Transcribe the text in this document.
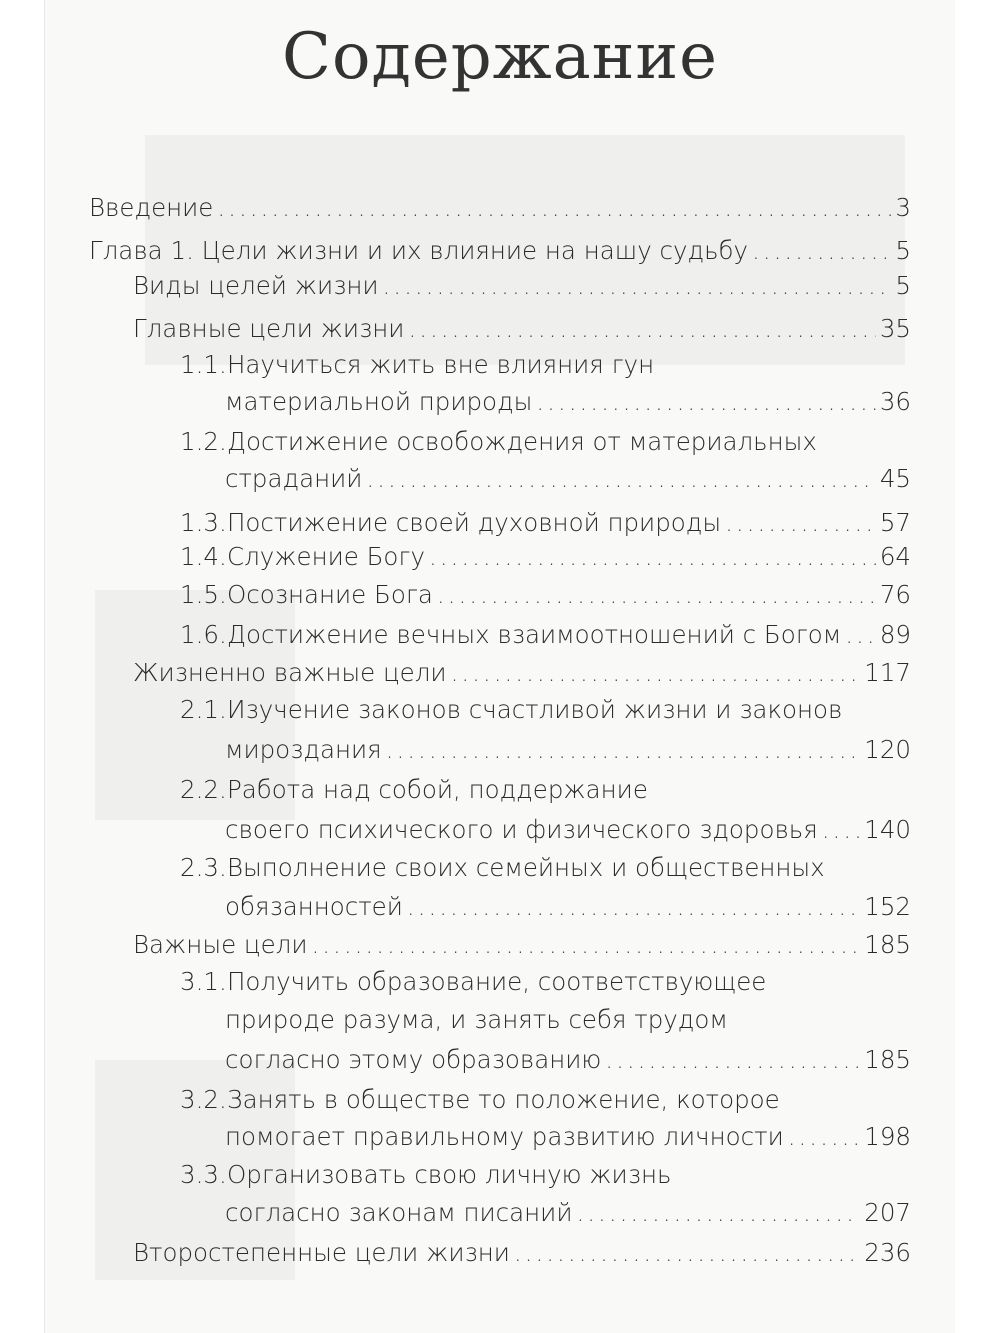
Содержание
Введение .....	3
Глава 1. Цели жизни и их влияние на нашу судьбу .....	5
Виды целей жизни .....	5
Главные цели жизни .....	35
1.1. Научиться жить вне влияния гун
материальной природы .....	36
1.2. Достижение освобождения от материальных
страданий .....	45
1.3. Постижение своей духовной природы .....	57
1.4. Служение Богу .....	64
1.5. Осознание Бога .....	76
1.6. Достижение вечных взаимоотношений с Богом ..... 89
Жизненно важные цели .....	117
2.1. Изучение законов счастливой жизни и законов
мироздания .....	120
2.2. Работа над собой, поддержание
своего психического и физического здоровья ..... 140
2.3. Выполнение своих семейных и общественных
обязанностей .....	152
Важные цели .....	185
3.1. Получить образование, соответствующее
природе разума, и занять себя трудом
согласно этому образованию .....	185
3.2. Занять в обществе то положение, которое
помогает правильному развитию личности .....	198
3.3. Организовать свою личную жизнь
согласно законам писаний .....	207
Второстепенные цели жизни .....	236
